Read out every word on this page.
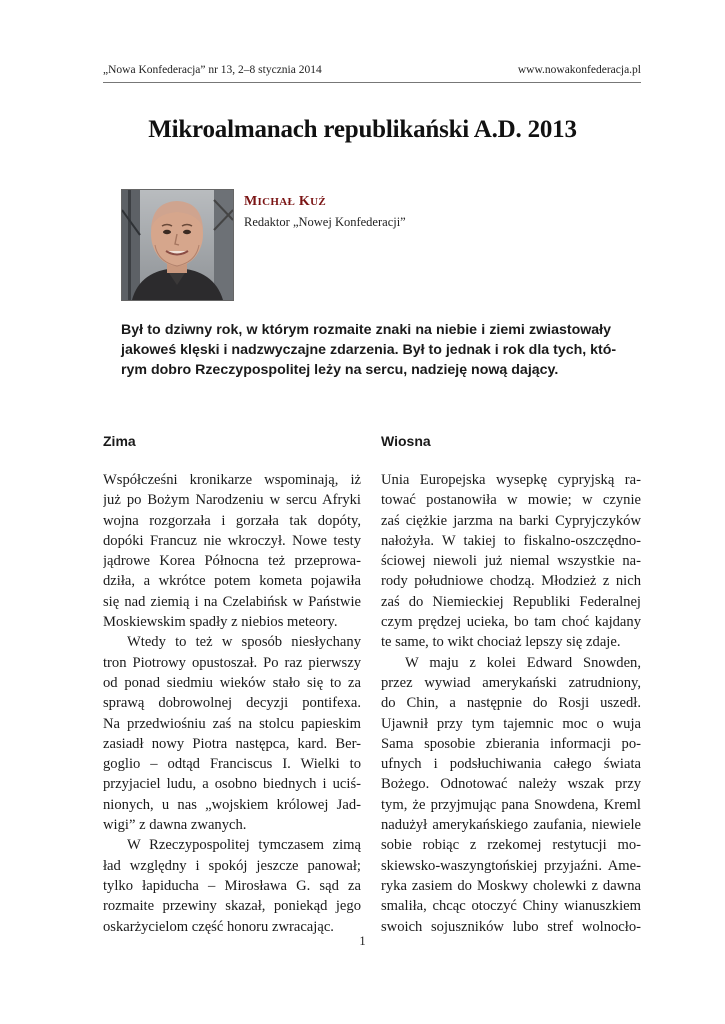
„Nowa Konfederacja” nr 13, 2–8 stycznia 2014	www.nowakonfederacja.pl
Mikroalmanach republikański A.D. 2013
MICHAŁ KUŹ
Redaktor „Nowej Konfederacji”
Był to dziwny rok, w którym rozmaite znaki na niebie i ziemi zwiastowały
jakoweś klęski i nadzwyczajne zdarzenia. Był to jednak i rok dla tych, któ-
rym dobro Rzeczypospolitej leży na sercu, nadzieję nową dający.
Zima	Wiosna
Współcześni kronikarze wspominają, iż
już po Bożym Narodzeniu w sercu Afryki
wojna rozgorzała i gorzała tak dopóty,
dopóki Francuz nie wkroczył. Nowe testy
jądrowe Korea Północna też przeprowa-
dziła, a wkrótce potem kometa pojawiła
się nad ziemią i na Czelabińsk w Państwie
Moskiewskim spadły z niebios meteory.
Wtedy to też w sposób niesłychany
tron Piotrowy opustoszał. Po raz pierwszy
od ponad siedmiu wieków stało się to za
sprawą dobrowolnej decyzji pontifexa.
Na przedwiośniu zaś na stolcu papieskim
zasiadł nowy Piotra następca, kard. Ber-
goglio – odtąd Franciscus I. Wielki to
przyjaciel ludu, a osobno biednych i uciś-
nionych, u nas „wojskiem królowej Jad-
wigi” z dawna zwanych.
W Rzeczypospolitej tymczasem zimą
ład względny i spokój jeszcze panował;
tylko łapiducha – Mirosława G. sąd za
rozmaite przewiny skazał, poniekąd jego
oskarżycielom część honoru zwracając.
Unia Europejska wysepkę cypryjską ra-
tować postanowiła w mowie; w czynie
zaś ciężkie jarzma na barki Cypryjczyków
nałożyła. W takiej to fiskalno-oszczędno-
ściowej niewoli już niemal wszystkie na-
rody południowe chodzą. Młodzież z nich
zaś do Niemieckiej Republiki Federalnej
czym prędzej ucieka, bo tam choć kajdany
te same, to wikt chociaż lepszy się zdaje.
W maju z kolei Edward Snowden,
przez wywiad amerykański zatrudniony,
do Chin, a następnie do Rosji uszedł.
Ujawnił przy tym tajemnic moc o wuja
Sama sposobie zbierania informacji po-
ufnych i podsłuchiwania całego świata
Bożego. Odnotować należy wszak przy
tym, że przyjmując pana Snowdena, Kreml
nadużył amerykańskiego zaufania, niewiele
sobie robiąc z rzekomej restytucji mo-
skiewsko-waszyngtońskiej przyjaźni. Ame-
ryka zasiem do Moskwy cholewki z dawna
smaliła, chcąc otoczyć Chiny wianuszkiem
swoich sojuszników lubo stref wolnocło-
1
